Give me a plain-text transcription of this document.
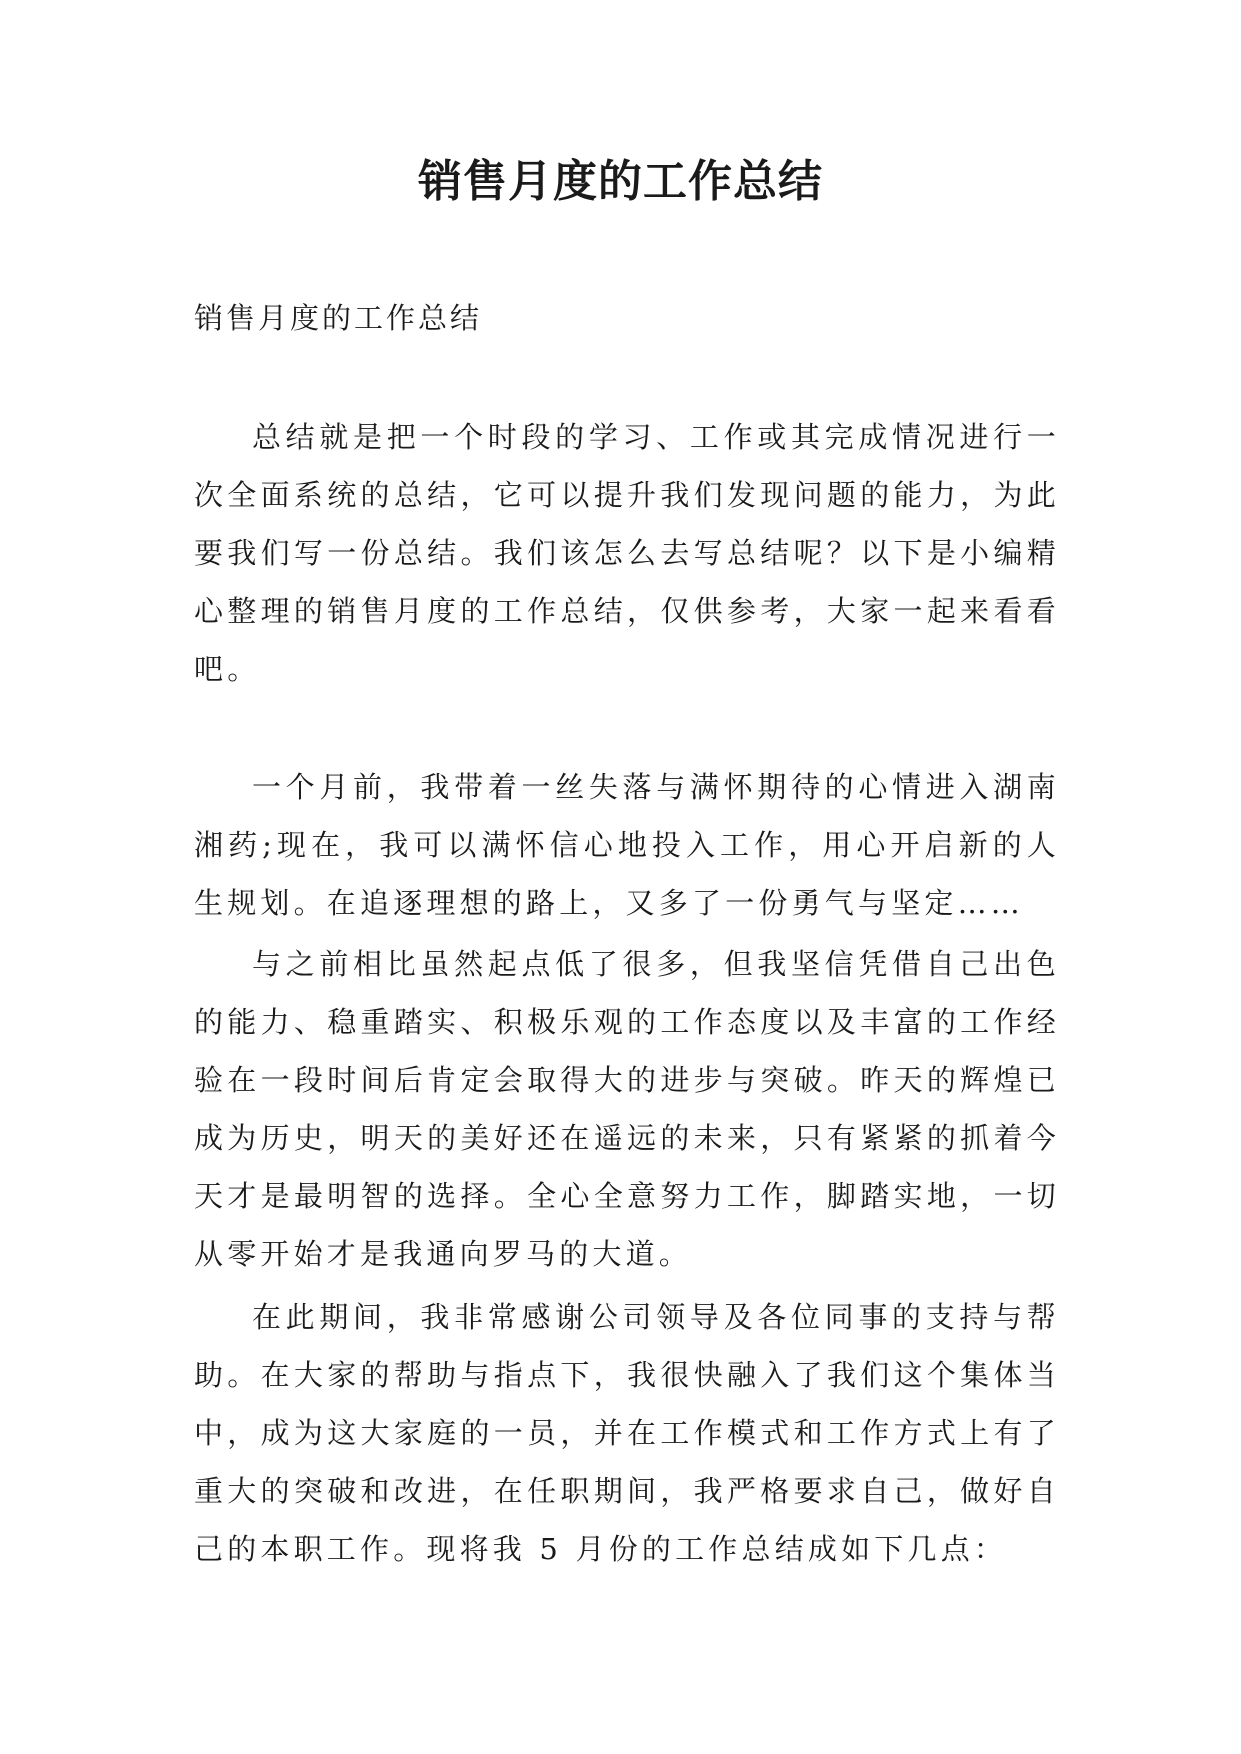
销售月度的工作总结

销售月度的工作总结

总结就是把一个时段的学习、工作或其完成情况进行一次全面系统的总结，它可以提升我们发现问题的能力，为此要我们写一份总结。我们该怎么去写总结呢？以下是小编精心整理的销售月度的工作总结，仅供参考，大家一起来看看吧。

一个月前，我带着一丝失落与满怀期待的心情进入湖南湘药;现在，我可以满怀信心地投入工作，用心开启新的人生规划。在追逐理想的路上，又多了一份勇气与坚定……

与之前相比虽然起点低了很多，但我坚信凭借自己出色的能力、稳重踏实、积极乐观的工作态度以及丰富的工作经验在一段时间后肯定会取得大的进步与突破。昨天的辉煌已成为历史，明天的美好还在遥远的未来，只有紧紧的抓着今天才是最明智的选择。全心全意努力工作，脚踏实地，一切从零开始才是我通向罗马的大道。

在此期间，我非常感谢公司领导及各位同事的支持与帮助。在大家的帮助与指点下，我很快融入了我们这个集体当中，成为这大家庭的一员，并在工作模式和工作方式上有了重大的突破和改进，在任职期间，我严格要求自己，做好自己的本职工作。现将我 5 月份的工作总结成如下几点：
